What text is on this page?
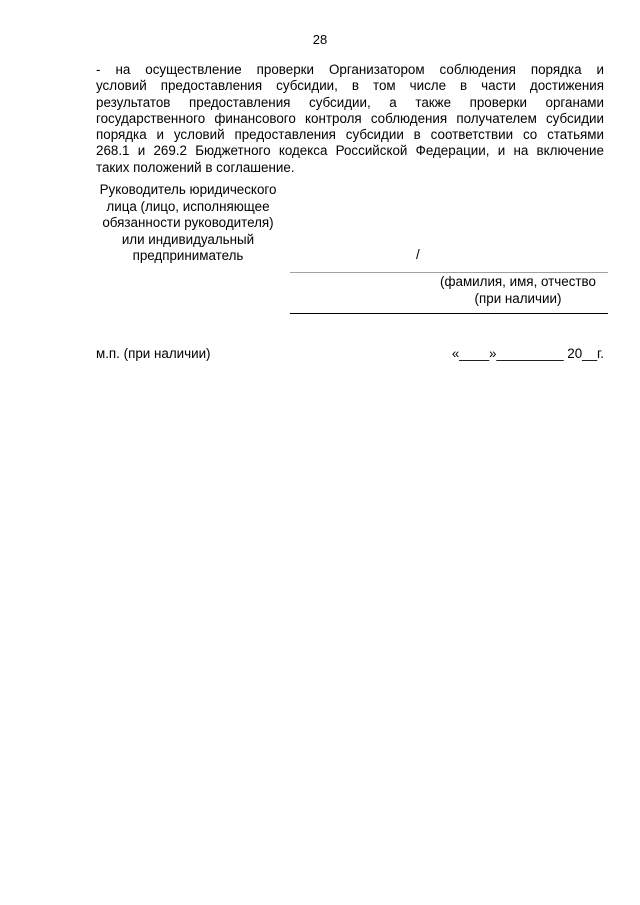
28
- на осуществление проверки Организатором соблюдения порядка и
условий предоставления субсидии, в том числе в части достижения
результатов предоставления субсидии, а также проверки органами
государственного финансового контроля соблюдения получателем субсидии
порядка и условий предоставления субсидии в соответствии со статьями
268.1 и 269.2 Бюджетного кодекса Российской Федерации, и на включение
таких положений в соглашение.
Руководитель юридического
лица (лицо, исполняющее
обязанности руководителя)
или индивидуальный
предприниматель	/
(фамилия, имя, отчество
(при наличии)
м.п. (при наличии)	«____»_________ 20__г.
